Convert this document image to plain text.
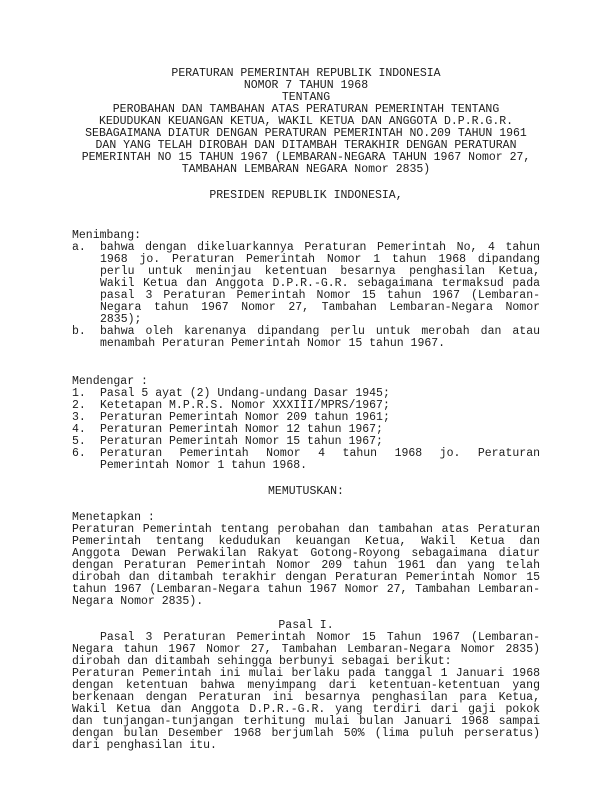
PERATURAN PEMERINTAH REPUBLIK INDONESIA
NOMOR 7 TAHUN 1968
TENTANG
PEROBAHAN DAN TAMBAHAN ATAS PERATURAN PEMERINTAH TENTANG
KEDUDUKAN KEUANGAN KETUA, WAKIL KETUA DAN ANGGOTA D.P.R.G.R.
SEBAGAIMANA DIATUR DENGAN PERATURAN PEMERINTAH NO.209 TAHUN 1961
DAN YANG TELAH DIROBAH DAN DITAMBAH TERAKHIR DENGAN PERATURAN
PEMERINTAH NO 15 TAHUN 1967 (LEMBARAN-NEGARA TAHUN 1967 Nomor 27,
TAMBAHAN LEMBARAN NEGARA Nomor 2835)
PRESIDEN REPUBLIK INDONESIA,
Menimbang:
a.	bahwa dengan dikeluarkannya Peraturan Pemerintah No, 4 tahun 1968 jo. Peraturan Pemerintah Nomor 1 tahun 1968 dipandang perlu untuk meninjau ketentuan besarnya penghasilan Ketua, Wakil Ketua dan Anggota D.P.R.-G.R. sebagaimana termaksud pada pasal 3 Peraturan Pemerintah Nomor 15 tahun 1967 (Lembaran-Negara tahun 1967 Nomor 27, Tambahan Lembaran-Negara Nomor 2835);
b.	bahwa oleh karenanya dipandang perlu untuk merobah dan atau menambah Peraturan Pemerintah Nomor 15 tahun 1967.
Mendengar :
1.	Pasal 5 ayat (2) Undang-undang Dasar 1945;
2.	Ketetapan M.P.R.S. Nomor XXXIII/MPRS/1967;
3.	Peraturan Pemerintah Nomor 209 tahun 1961;
4.	Peraturan Pemerintah Nomor 12 tahun 1967;
5.	Peraturan Pemerintah Nomor 15 tahun 1967;
6.	Peraturan Pemerintah Nomor 4 tahun 1968 jo. Peraturan Pemerintah Nomor 1 tahun 1968.
MEMUTUSKAN:
Menetapkan :
Peraturan Pemerintah tentang perobahan dan tambahan atas Peraturan Pemerintah tentang kedudukan keuangan Ketua, Wakil Ketua dan Anggota Dewan Perwakilan Rakyat Gotong-Royong sebagaimana diatur dengan Peraturan Pemerintah Nomor 209 tahun 1961 dan yang telah dirobah dan ditambah terakhir dengan Peraturan Pemerintah Nomor 15 tahun 1967 (Lembaran-Negara tahun 1967 Nomor 27, Tambahan Lembaran-Negara Nomor 2835).
Pasal I.
Pasal 3 Peraturan Pemerintah Nomor 15 Tahun 1967 (Lembaran-Negara tahun 1967 Nomor 27, Tambahan Lembaran-Negara Nomor 2835) dirobah dan ditambah sehingga berbunyi sebagai berikut:
Peraturan Pemerintah ini mulai berlaku pada tanggal 1 Januari 1968 dengan ketentuan bahwa menyimpang dari ketentuan-ketentuan yang berkenaan dengan Peraturan ini besarnya penghasilan para Ketua, Wakil Ketua dan Anggota D.P.R.-G.R. yang terdiri dari gaji pokok dan tunjangan-tunjangan terhitung mulai bulan Januari 1968 sampai dengan bulan Desember 1968 berjumlah 50% (lima puluh perseratus) dari penghasilan itu.
